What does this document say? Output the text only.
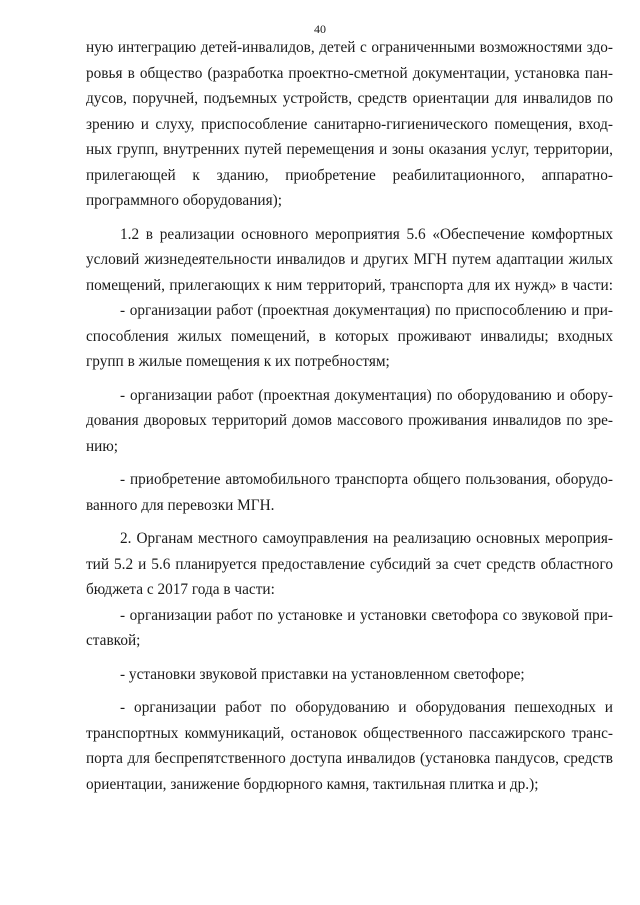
40
ную интеграцию детей-инвалидов, детей с ограниченными возможностями здо-
ровья в общество (разработка проектно-сметной документации, установка пан-
дусов, поручней, подъемных устройств, средств ориентации для инвалидов по
зрению и слуху, приспособление санитарно-гигиенического помещения, вход-
ных групп, внутренних путей перемещения и зоны оказания услуг, территории,
прилегающей к зданию, приобретение реабилитационного, аппаратно-
программного оборудования);
1.2 в реализации основного мероприятия 5.6 «Обеспечение комфортных
условий жизнедеятельности инвалидов и других МГН путем адаптации жилых
помещений, прилегающих к ним территорий, транспорта для их нужд» в части:
- организации работ (проектная документация) по приспособлению и при-
способления жилых помещений, в которых проживают инвалиды; входных
групп в жилые помещения к их потребностям;
- организации работ (проектная документация) по оборудованию и обору-
дования дворовых территорий домов массового проживания инвалидов по зре-
нию;
- приобретение автомобильного транспорта общего пользования, оборудо-
ванного для перевозки МГН.
2. Органам местного самоуправления на реализацию основных мероприя-
тий 5.2 и 5.6 планируется предоставление субсидий за счет средств областного
бюджета с 2017 года в части:
- организации работ по установке и установки светофора со звуковой при-
ставкой;
- установки звуковой приставки на установленном светофоре;
- организации работ по оборудованию и оборудования пешеходных и
транспортных коммуникаций, остановок общественного пассажирского транс-
порта для беспрепятственного доступа инвалидов (установка пандусов, средств
ориентации, занижение бордюрного камня, тактильная плитка и др.);
